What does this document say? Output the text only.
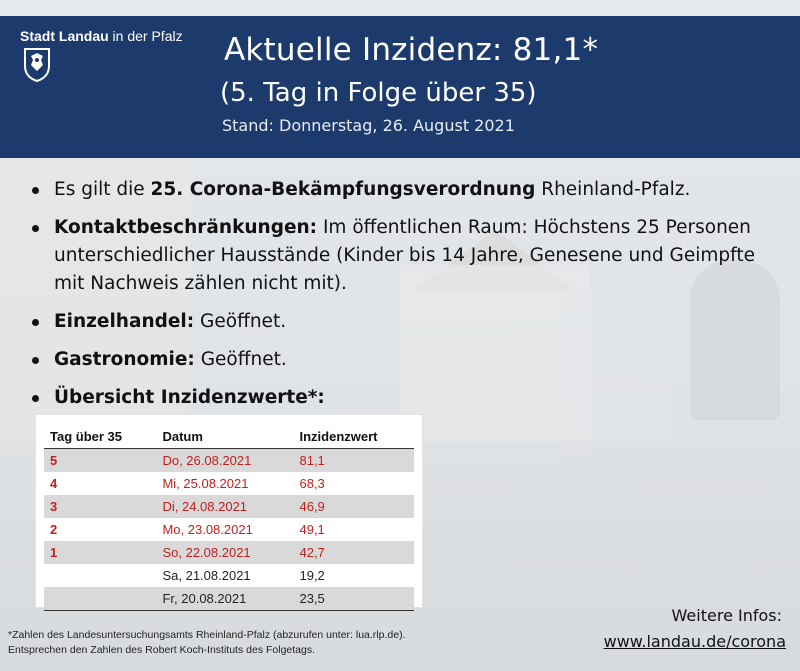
Stadt Landau in der Pfalz Aktuelle Inzidenz: 81,1*
(5. Tag in Folge über 35)
Stand: Donnerstag, 26. August 2021
Es gilt die 25. Corona-Bekämpfungsverordnung Rheinland-Pfalz.
Kontaktbeschränkungen: Im öffentlichen Raum: Höchstens 25 Personen unterschiedlicher Hausstände (Kinder bis 14 Jahre, Genesene und Geimpfte mit Nachweis zählen nicht mit).
Einzelhandel: Geöffnet.
Gastronomie: Geöffnet.
Übersicht Inzidenzwerte*:
Tag über 35	Datum	Inzidenzwert
5	Do, 26.08.2021	81,1
4	Mi, 25.08.2021	68,3
3	Di, 24.08.2021	46,9
2	Mo, 23.08.2021	49,1
1	So, 22.08.2021	42,7
	Sa, 21.08.2021	19,2
	Fr, 20.08.2021	23,5
*Zahlen des Landesuntersuchungsamts Rheinland-Pfalz (abzurufen unter: lua.rlp.de).
Entsprechen den Zahlen des Robert Koch-Instituts des Folgetags.
Weitere Infos:
www.landau.de/corona
